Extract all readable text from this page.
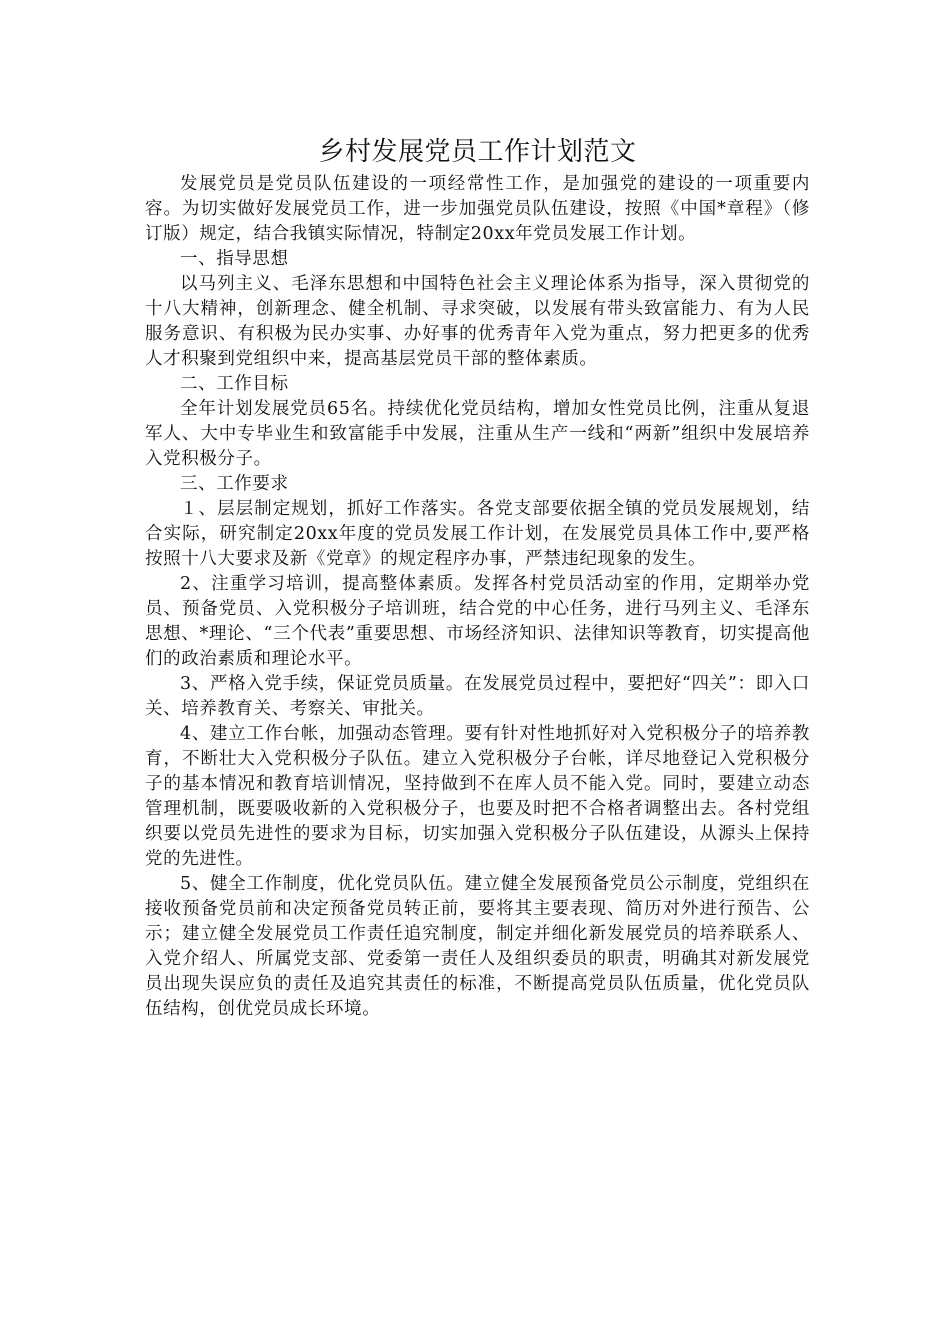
乡村发展党员工作计划范文

发展党员是党员队伍建设的一项经常性工作，是加强党的建设的一项重要内容。为切实做好发展党员工作，进一步加强党员队伍建设，按照《中国*章程》（修订版）规定，结合我镇实际情况，特制定20xx年党员发展工作计划。

一、指导思想

以马列主义、毛泽东思想和中国特色社会主义理论体系为指导，深入贯彻党的十八大精神，创新理念、健全机制、寻求突破，以发展有带头致富能力、有为人民服务意识、有积极为民办实事、办好事的优秀青年入党为重点，努力把更多的优秀人才积聚到党组织中来，提高基层党员干部的整体素质。

二、工作目标

全年计划发展党员65名。持续优化党员结构，增加女性党员比例，注重从复退军人、大中专毕业生和致富能手中发展，注重从生产一线和“两新”组织中发展培养入党积极分子。

三、工作要求

１、层层制定规划，抓好工作落实。各党支部要依据全镇的党员发展规划，结合实际，研究制定20xx年度的党员发展工作计划，在发展党员具体工作中,要严格按照十八大要求及新《党章》的规定程序办事，严禁违纪现象的发生。

2、注重学习培训，提高整体素质。发挥各村党员活动室的作用，定期举办党员、预备党员、入党积极分子培训班，结合党的中心任务，进行马列主义、毛泽东思想、*理论、“三个代表”重要思想、市场经济知识、法律知识等教育，切实提高他们的政治素质和理论水平。

3、严格入党手续，保证党员质量。在发展党员过程中，要把好“四关”：即入口关、培养教育关、考察关、审批关。

4、建立工作台帐，加强动态管理。要有针对性地抓好对入党积极分子的培养教育，不断壮大入党积极分子队伍。建立入党积极分子台帐，详尽地登记入党积极分子的基本情况和教育培训情况，坚持做到不在库人员不能入党。同时，要建立动态管理机制，既要吸收新的入党积极分子，也要及时把不合格者调整出去。各村党组织要以党员先进性的要求为目标，切实加强入党积极分子队伍建设，从源头上保持党的先进性。

5、健全工作制度，优化党员队伍。建立健全发展预备党员公示制度，党组织在接收预备党员前和决定预备党员转正前，要将其主要表现、简历对外进行预告、公示；建立健全发展党员工作责任追究制度，制定并细化新发展党员的培养联系人、入党介绍人、所属党支部、党委第一责任人及组织委员的职责，明确其对新发展党员出现失误应负的责任及追究其责任的标准，不断提高党员队伍质量，优化党员队伍结构，创优党员成长环境。
